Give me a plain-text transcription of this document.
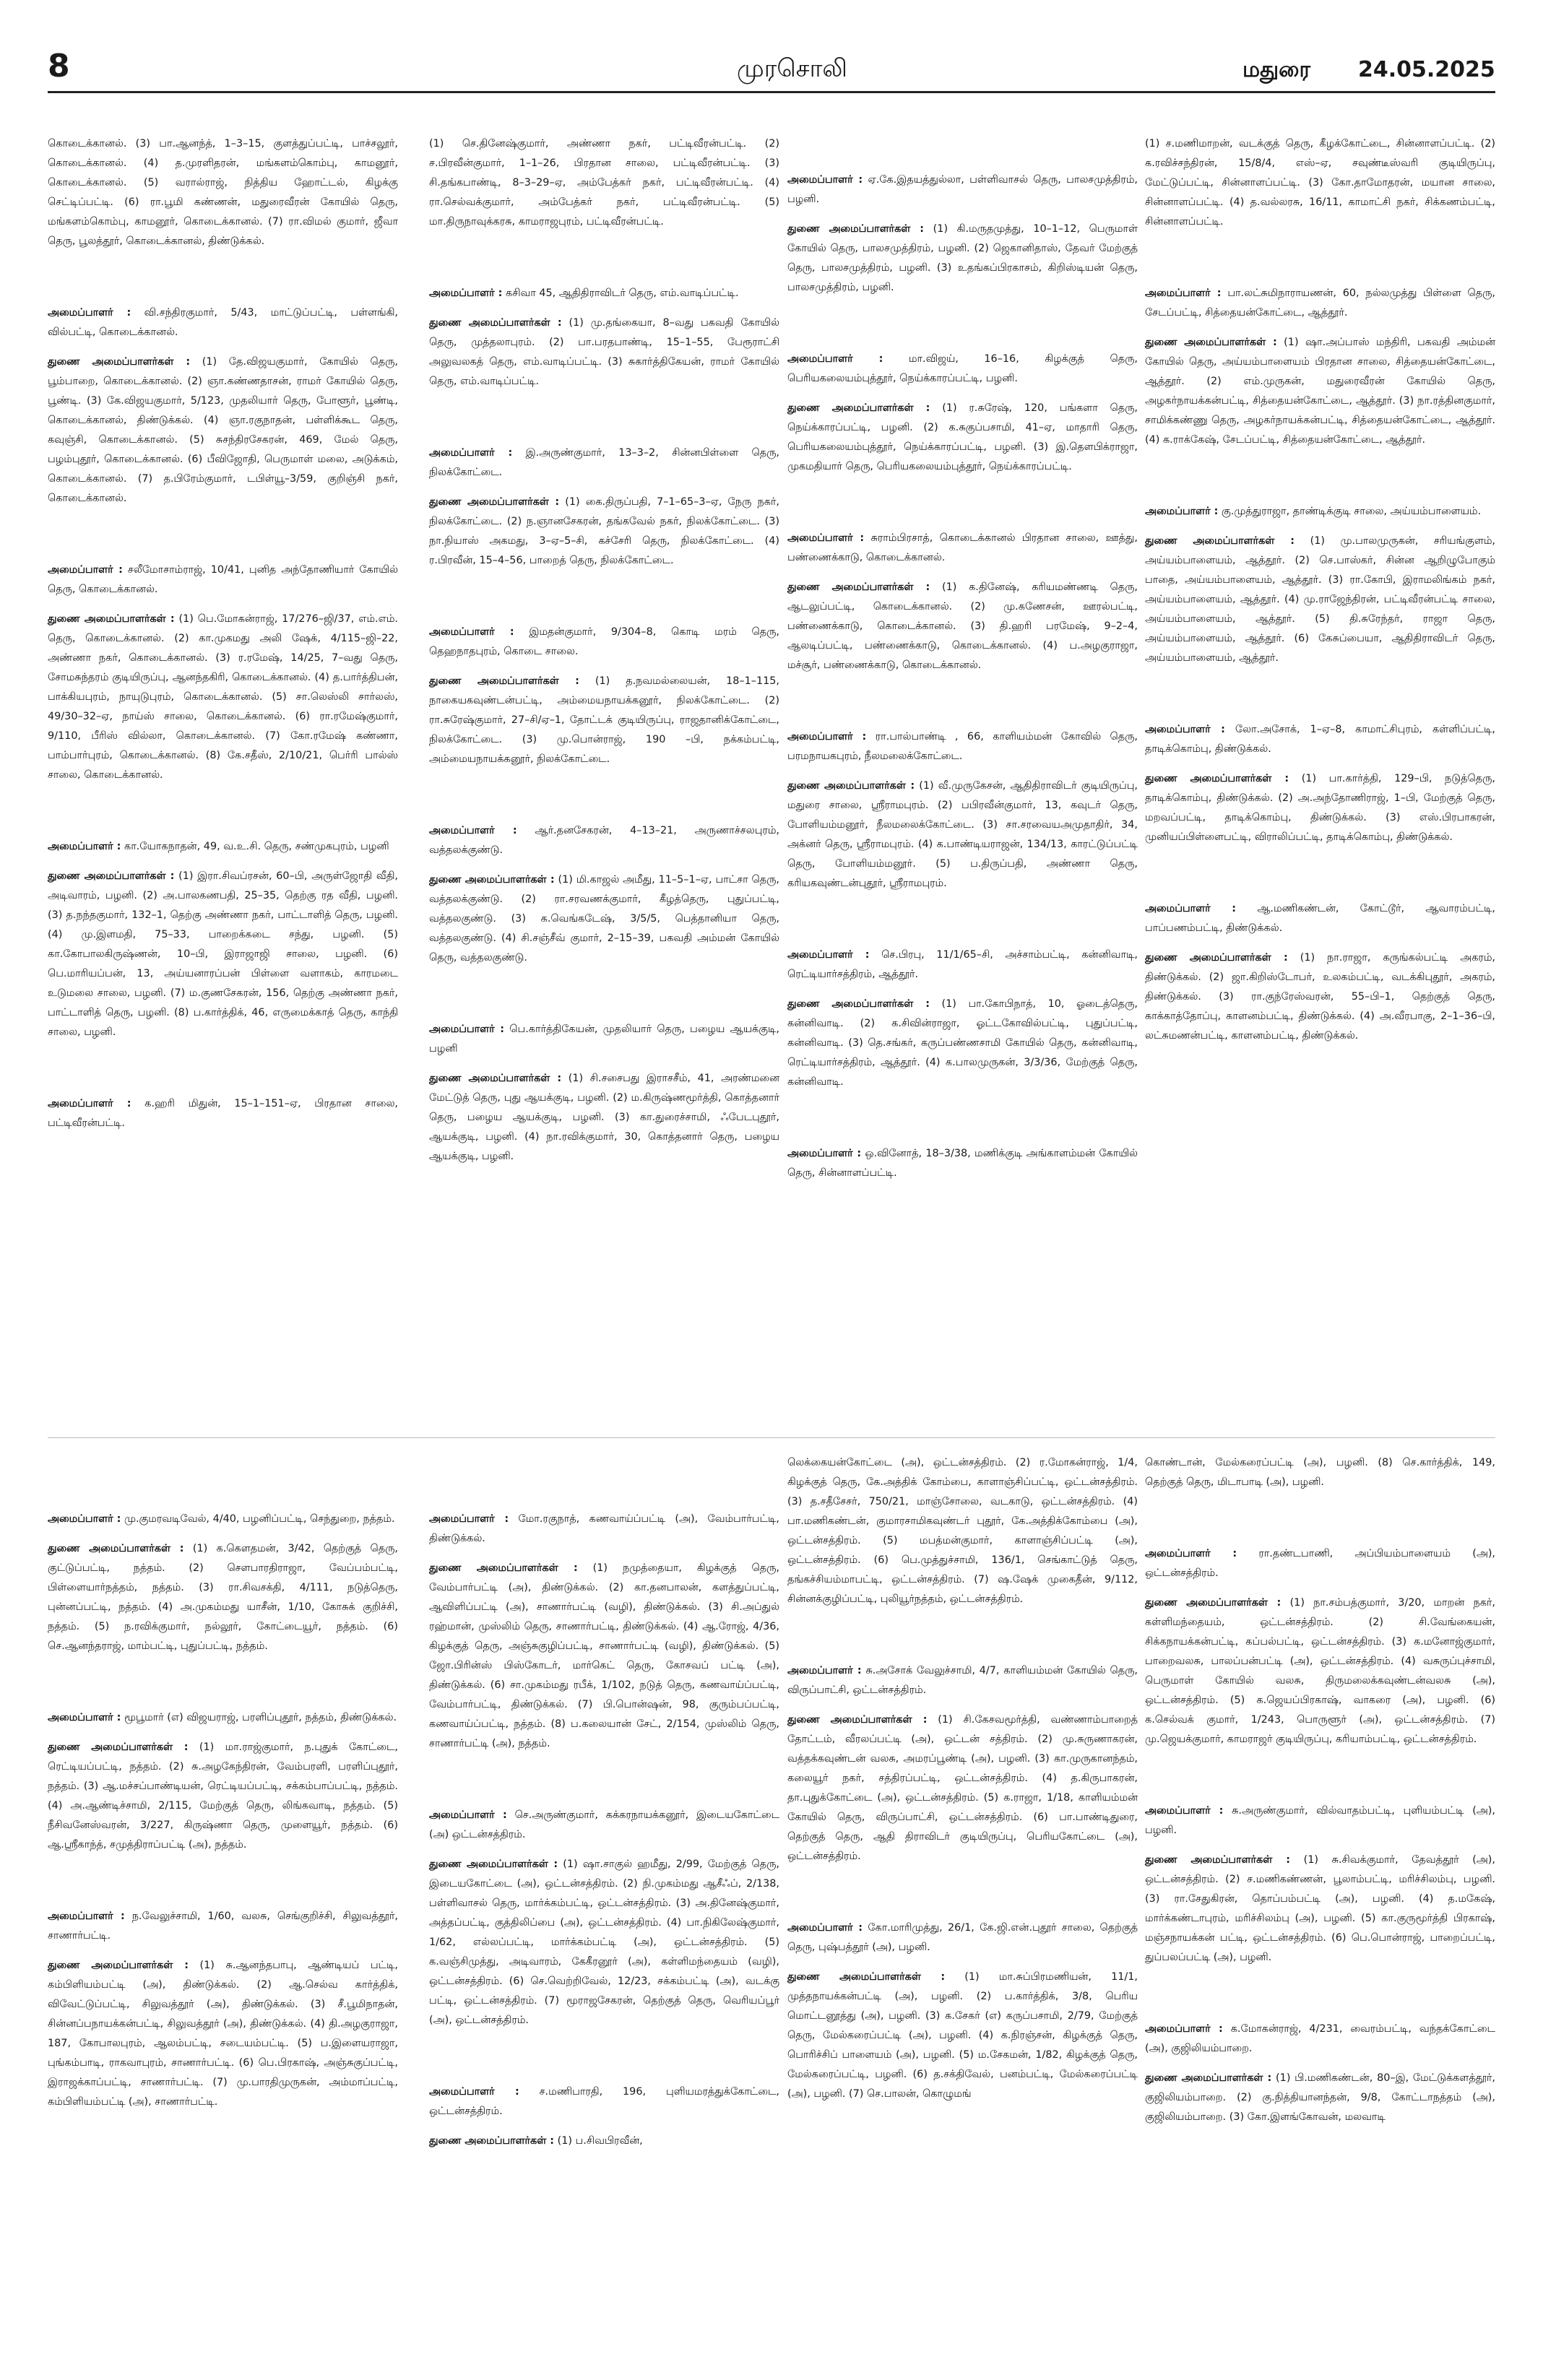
8	முரசொலி	மதுரை 24.05.2025

கொடைக்கானல். (3) பா.ஆனந்த், 1–3–15, குளத்துப்பட்டி, பாச்சலூர், கொடைக்கானல். (4) த.முரளிதரன், மங்களம்கொம்பு, காமனூர், கொடைக்கானல். (5) வரால்ராஜ், நித்திய ஹோட்டல், கிழக்கு செட்டிப்பட்டி. (6) ரா.பூமி கண்ணன், மதுரைவீரன் கோயில் தெரு, மங்களம்கொம்பு, காமனூர், கொடைக்கானல். (7) ரா.விமல் குமார், ஜீவா தெரு, பூலத்தூர், கொடைக்கானல், திண்டுக்கல்.

அமைப்பாளர் : வி.சந்திரகுமார், 5/43, மாட்டுப்பட்டி, பள்ளங்கி, வில்பட்டி, கொடைக்கானல்.

துணை அமைப்பாளர்கள் : (1) தே.விஜயகுமார், கோயில் தெரு, பூம்பாறை, கொடைக்கானல். (2) ஞா.கண்ணதாசன், ராமர் கோயில் தெரு, பூண்டி. (3) கே.விஜயகுமார், 5/123, முதலியார் தெரு, போளூர், பூண்டி, கொடைக்கானல், திண்டுக்கல். (4) ஞா.ரகுநாதன், பள்ளிக்கூட தெரு, கவுஞ்சி, கொடைக்கானல். (5) சுசந்திரசேகரன், 469, மேல் தெரு, பழம்புதூர், கொடைக்கானல். (6) பீவிஜோதி, பெருமாள் மலை, அடுக்கம், கொடைக்கானல். (7) த.பிரேம்குமார், டபிள்யூ–3/59, குறிஞ்சி நகர், கொடைக்கானல்.

அமைப்பாளர் : சலீமோசாம்ராஜ், 10/41, புனித அந்தோணியார் கோயில் தெரு, கொடைக்கானல்.

துணை அமைப்பாளர்கள் : (1) பெ.மோகன்ராஜ், 17/276–ஜி/37, எம்.எம். தெரு, கொடைக்கானல். (2) கா.முகமது அலி ஷேக், 4/115–ஜி–22, அண்ணா நகர், கொடைக்கானல். (3) ர.ரமேஷ், 14/25, 7–வது தெரு, சோமசுந்தரம் குடியிருப்பு, ஆனந்தகிரி, கொடைக்கானல். (4) த.பார்த்திபன், பாக்கியபுரம், நாயுடுபுரம், கொடைக்கானல். (5) சா.லெஸ்லி சார்லஸ், 49/30–32–ஏ, நாய்ஸ் சாலை, கொடைக்கானல். (6) ரா.ரமேஷ்குமார், 9/110, பீரிஸ் வில்லா, கொடைக்கானல். (7) கோ.ரமேஷ் கண்ணா, பாம்பார்புரம், கொடைக்கானல். (8) கே.சதீஸ், 2/10/21, பெர்ரி பால்ஸ் சாலை, கொடைக்கானல்.

அமைப்பாளர் : கா.யோகநாதன், 49, வ.உ.சி. தெரு, சண்முகபுரம், பழனி

துணை அமைப்பாளர்கள் : (1) இரா.சிவப்ரசன், 60–பி, அருள்ஜோதி வீதி, அடிவாரம், பழனி. (2) அ.பாலகணபதி, 25–35, தெற்கு ரத வீதி, பழனி. (3) த.நந்தகுமார், 132–1, தெற்கு அண்ணா நகர், பாட்டாளித் தெரு, பழனி. (4) மு.இளமதி, 75–33, பாறைக்கடை சந்து, பழனி. (5) கா.கோபாலகிருஷ்ணன், 10–பி, இராஜாஜி சாலை, பழனி. (6) பெ.மாரியப்பன், 13, அய்யனாரப்பன் பிள்ளை வளாகம், காரமடை உடுமலை சாலை, பழனி. (7) ம.குணசேகரன், 156, தெற்கு அண்ணா நகர், பாட்டாளித் தெரு, பழனி. (8) ப.கார்த்திக், 46, எருமைக்காத் தெரு, காந்தி சாலை, பழனி.

அமைப்பாளர் : க.ஹரி மிதுன், 15–1–151–ஏ, பிரதான சாலை, பட்டிவீரன்பட்டி.

(1) செ.தினேஷ்குமார், அண்ணா நகர், பட்டிவீரன்பட்டி. (2) ச.பிரவீன்குமார், 1–1–26, பிரதான சாலை, பட்டிவீரன்பட்டி. (3) சி.தங்கபாண்டி, 8–3–29–ஏ, அம்பேத்கர் நகர், பட்டிவீரன்பட்டி. (4) ரா.செல்வக்குமார், அம்பேத்கர் நகர், பட்டிவீரன்பட்டி. (5) மா.திருநாவுக்கரசு, காமராஜபுரம், பட்டிவீரன்பட்டி.

அமைப்பாளர் : கசிவா 45, ஆதிதிராவிடர் தெரு, எம்.வாடிப்பட்டி.

துணை அமைப்பாளர்கள் : (1) மு.தங்கையா, 8–வது பகவதி கோயில் தெரு, முத்தலாபுரம். (2) பா.பரதபாண்டி, 15–1–55, பேரூராட்சி அலுவலகத் தெரு, எம்.வாடிப்பட்டி. (3) சுகார்த்திகேயன், ராமர் கோயில் தெரு, எம்.வாடிப்பட்டி.

அமைப்பாளர் : இ.அருண்குமார், 13–3–2, சின்னபிள்ளை தெரு, நிலக்கோட்டை.

துணை அமைப்பாளர்கள் : (1) கை.திருப்பதி, 7–1–65–3–ஏ, நேரு நகர், நிலக்கோட்டை. (2) ந.ஞானசேகரன், தங்கவேல் நகர், நிலக்கோட்டை. (3) நா.நியாஸ் அகமது, 3–ஏ–5–சி, கச்சேரி தெரு, நிலக்கோட்டை. (4) ர.பிரவீன், 15–4–56, பாறைத் தெரு, நிலக்கோட்டை.

அமைப்பாளர் : இமதன்குமார், 9/304–8, கொடி மரம் தெரு, தெஹநாதபுரம், கொடை சாலை.

துணை அமைப்பாளர்கள் : (1) த.நவமல்லையன், 18–1–115, நாகையகவுண்டன்பட்டி, அம்மையநாயக்கனூர், நிலக்கோட்டை. (2) ரா.சுரேஷ்குமார், 27–சி/ஏ–1, தோட்டக் குடியிருப்பு, ராஜதானிக்கோட்டை, நிலக்கோட்டை. (3) மு.பொன்ராஜ், 190 –பி, நக்கம்பட்டி, அம்மையநாயக்கனூர், நிலக்கோட்டை.

அமைப்பாளர் : ஆர்.தனசேகரன், 4–13–21, அருணாச்சலபுரம், வத்தலக்குண்டு.

துணை அமைப்பாளர்கள் : (1) மி.காஜல் அமீது, 11–5–1–ஏ, பாட்சா தெரு, வத்தலக்குண்டு. (2) ரா.சரவணக்குமார், கீழத்தெரு, புதுப்பட்டி, வத்தலகுண்டு. (3) க.வெங்கடேஷ், 3/5/5, பெத்தானியா தெரு, வத்தலகுண்டு. (4) சி.சஞ்சீவ் குமார், 2–15–39, பகவதி அம்மன் கோயில் தெரு, வத்தலகுண்டு.

அமைப்பாளர் : பெ.கார்த்திகேயன், முதலியார் தெரு, பழைய ஆயக்குடி, பழனி

துணை அமைப்பாளர்கள் : (1) சி.சசைபது இராசசீம், 41, அரண்மனை மேட்டுத் தெரு, புது ஆயக்குடி, பழனி. (2) ம.கிருஷ்ணமூர்த்தி, கொத்தனார் தெரு, பழைய ஆயக்குடி, பழனி. (3) கா.துரைச்சாமி, ஃபேடபுதூர், ஆயக்குடி, பழனி. (4) நா.ரவிக்குமார், 30, கொத்தனார் தெரு, பழைய ஆயக்குடி, பழனி.

அமைப்பாளர் : ஏ.கே.இதயத்துல்லா, பள்ளிவாசல் தெரு, பாலசமுத்திரம், பழனி.

துணை அமைப்பாளர்கள் : (1) கி.மருதமுத்து, 10–1–12, பெருமாள் கோயில் தெரு, பாலசமுத்திரம், பழனி. (2) ஜெகானிதாஸ், தேவர் மேற்குத் தெரு, பாலசமுத்திரம், பழனி. (3) உதங்கப்பிரகாசம், கிறிஸ்டியன் தெரு, பாலசமுத்திரம், பழனி.

அமைப்பாளர் : மா.விஜய், 16–16, கிழக்குத் தெரு, பெரியகலையம்புத்தூர், நெய்க்காரப்பட்டி, பழனி.

துணை அமைப்பாளர்கள் : (1) ர.சுரேஷ், 120, பங்களா தெரு, நெய்க்காரப்பட்டி, பழனி. (2) க.சுகுப்பசாமி, 41–ஏ, மாதாரி தெரு, பெரியகலையம்புத்தூர், நெய்க்காரப்பட்டி, பழனி. (3) இ.தௌபிக்ராஜா, முகமதியார் தெரு, பெரியகலையம்புத்தூர், நெய்க்காரப்பட்டி.

அமைப்பாளர் : சுராம்பிரசாத், கொடைக்கானல் பிரதான சாலை, ஊத்து, பண்ணைக்காடு, கொடைக்கானல்.

துணை அமைப்பாளர்கள் : (1) க.தினேஷ், கரியமண்ணடி தெரு, ஆடலுப்பட்டி, கொடைக்கானல். (2) மு.கணேசன், ஊரல்பட்டி, பண்ணைக்காடு, கொடைக்கானல். (3) தி.ஹரி பரமேஷ், 9–2–4, ஆலடிப்பட்டி, பண்ணைக்காடு, கொடைக்கானல். (4) ப.அழகுராஜா, மச்சூர், பண்ணைக்காடு, கொடைக்கானல்.

அமைப்பாளர் : ரா.பால்பாண்டி , 66, காளியம்மன் கோவில் தெரு, பரமநாயகபுரம், நீலமலைக்கோட்டை.

துணை அமைப்பாளர்கள் : (1) வீ.முருகேசன், ஆதிதிராவிடர் குடியிருப்பு, மதுரை சாலை, ஸ்ரீராமபுரம். (2) பபிரவீன்குமார், 13, கவுடர் தெரு, போளியம்மனூர், நீலமலைக்கோட்டை. (3) சா.சரவையஅமுதாதிர், 34, அக்னர் தெரு, ஸ்ரீராமபுரம். (4) க.பாண்டியராஜன், 134/13, காரட்டுப்பட்டி தெரு, போளியம்மனூர். (5) ப.திருப்பதி, அண்ணா தெரு, கரியகவுண்டன்புதூர், ஸ்ரீராமபுரம்.

அமைப்பாளர் : செ.பிரபு, 11/1/65–சி, அச்சாம்பட்டி, கன்னிவாடி, ரெட்டியார்சத்திரம், ஆத்தூர்.

துணை அமைப்பாளர்கள் : (1) பா.கோபிநாத், 10, ஓடைத்தெரு, கன்னிவாடி. (2) க.சிவின்ராஜா, ஓட்டகோவில்பட்டி, புதுப்பட்டி, கன்னிவாடி. (3) தெ.சங்கர், கருப்பண்ணசாமி கோயில் தெரு, கன்னிவாடி, ரெட்டியார்சத்திரம், ஆத்தூர். (4) க.பாலமுருகன், 3/3/36, மேற்குத் தெரு, கன்னிவாடி.

அமைப்பாளர் : ஒ.வினோத், 18–3/38, மணிக்குடி அங்காளம்மன் கோயில் தெரு, சின்னாளப்பட்டி.

(1) ச.மணிமாறன், வடக்குத் தெரு, கீழக்கோட்டை, சின்னாளப்பட்டி. (2) க.ரவிச்சந்திரன், 15/8/4, எஸ்–ஏ, சவுண்டீஸ்வரி குடியிருப்பு, மேட்டுப்பட்டி, சின்னாளப்பட்டி. (3) கோ.தாமோதரன், மயான சாலை, சின்னாளப்பட்டி. (4) த.வல்லரசு, 16/11, காமாட்சி நகர், சிக்கணம்பட்டி, சின்னாளப்பட்டி.

அமைப்பாளர் : பா.லட்சுமிநாராயணன், 60, நல்லமுத்து பிள்ளை தெரு, சேடப்பட்டி, சித்தையன்கோட்டை, ஆத்தூர்.

துணை அமைப்பாளர்கள் : (1) ஷா.அப்பாஸ் மந்திரி, பகவதி அம்மன் கோயில் தெரு, அய்யம்பாளையம் பிரதான சாலை, சித்தையன்கோட்டை, ஆத்தூர். (2) எம்.முருகன், மதுரைவீரன் கோயில் தெரு, அழகர்நாயக்கன்பட்டி, சித்தையன்கோட்டை, ஆத்தூர். (3) நா.ரத்தினகுமார், சாமிக்கண்ணு தெரு, அழகர்நாயக்கன்பட்டி, சித்தையன்கோட்டை, ஆத்தூர். (4) க.ராக்கேஷ், சேடப்பட்டி, சித்தையன்கோட்டை, ஆத்தூர்.

அமைப்பாளர் : கு.முத்துராஜா, தாண்டிக்குடி சாலை, அய்யம்பாளையம்.

துணை அமைப்பாளர்கள் : (1) மு.பாலமுருகன், சரியங்குளம், அய்யம்பாளையம், ஆத்தூர். (2) செ.பாஸ்கர், சின்ன ஆறிழுபோகும் பாதை, அய்யம்பாளையம், ஆத்தூர். (3) ரா.கோபி, இராமலிங்கம் நகர், அய்யம்பாளையம், ஆத்தூர். (4) மு.ராஜேந்திரன், பட்டிவீரன்பட்டி சாலை, அய்யம்பாளையம், ஆத்தூர். (5) தி.சுரேந்தர், ராஜா தெரு, அய்யம்பாளையம், ஆத்தூர். (6) கேசுப்பையா, ஆதிதிராவிடர் தெரு, அய்யம்பாளையம், ஆத்தூர்.

அமைப்பாளர் : லோ.அசோக், 1–ஏ–8, காமாட்சிபுரம், கள்ளிப்பட்டி, தாடிக்கொம்பு, திண்டுக்கல்.

துணை அமைப்பாளர்கள் : (1) பா.கார்த்தி, 129–பி, நடுத்தெரு, தாடிக்கொம்பு, திண்டுக்கல். (2) அ.அந்தோணிராஜ், 1–பி, மேற்குத் தெரு, மறவப்பட்டி, தாடிக்கொம்பு, திண்டுக்கல். (3) எஸ்.பிரபாகரன், முனியப்பிள்ளைபட்டி, விராலிப்பட்டி, தாடிக்கொம்பு, திண்டுக்கல்.

அமைப்பாளர் : ஆ.மணிகண்டன், கோட்டூர், ஆவாரம்பட்டி, பாப்பணம்பட்டி, திண்டுக்கல்.

துணை அமைப்பாளர்கள் : (1) நா.ராஜா, கருங்கல்பட்டி அகரம், திண்டுக்கல். (2) ஜா.கிறிஸ்டோபர், உலகம்பட்டி, வடக்கிபுதூர், அகரம், திண்டுக்கல். (3) ரா.குந்ரேஸ்வரன், 55–பி–1, தெற்குத் தெரு, காக்காத்தோப்பு, காளனம்பட்டி, திண்டுக்கல். (4) அ.வீரபாகு, 2–1–36–பி, லட்சுமணன்பட்டி, காளனம்பட்டி, திண்டுக்கல்.

அமைப்பாளர் : மு.குமரவடிவேல், 4/40, பழனிப்பட்டி, செந்துறை, நத்தம்.

துணை அமைப்பாளர்கள் : (1) க.கௌதமன், 3/42, தெற்குத் தெரு, குட்டுப்பட்டி, நத்தம். (2) சௌபாரதிராஜா, வேப்பம்பட்டி, பிள்ளையார்நத்தம், நத்தம். (3) ரா.சிவசக்தி, 4/111, நடுத்தெரு, புன்னப்பட்டி, நத்தம். (4) அ.முகம்மது யாசீன், 1/10, கோசுக் குறிச்சி, நத்தம். (5) ந.ரவிக்குமார், நல்லூர், கோட்டையூர், நத்தம். (6) செ.ஆனந்தராஜ், மாம்பட்டி, புதுப்பட்டி, நத்தம்.

அமைப்பாளர் : மூபூமார் (எ) விஜயராஜ், பரளிப்புதூர், நத்தம், திண்டுக்கல்.

துணை அமைப்பாளர்கள் : (1) மா.ராஜ்குமார், ந.புதுக் கோட்டை, ரெட்டியப்பட்டி, நத்தம். (2) சு.அழகேந்திரன், வேம்பரளி, பரளிப்புதூர், நத்தம். (3) ஆ.மச்சப்பாண்டியன், ரெட்டியப்பட்டி, சக்கம்பாப்பட்டி, நத்தம். (4) அ.ஆண்டிச்சாமி, 2/115, மேற்குத் தெரு, லிங்கவாடி, நத்தம். (5) நீசிவனேஸ்வரன், 3/227, கிருஷ்ணா தெரு, முளையூர், நத்தம். (6) ஆ.ஸ்ரீகாந்த், சமுத்திராப்பட்டி (அ), நத்தம்.

அமைப்பாளர் : ந.வேலுச்சாமி, 1/60, வலசு, செங்குறிச்சி, சிலுவத்தூர், சாணார்பட்டி.

துணை அமைப்பாளர்கள் : (1) சு.ஆனந்தபாபு, ஆண்டியப் பட்டி, கம்பிளியம்பட்டி (அ), திண்டுக்கல். (2) ஆ.செல்வ கார்த்திக், விவேட்டுப்பட்டி, சிலுவத்தூர் (அ), திண்டுக்கல். (3) சீ.பூமிநாதன், சின்னப்பநாயக்கன்பட்டி, சிலுவத்தூர் (அ), திண்டுக்கல். (4) தி.அழகுராஜா, 187, கோபாலபுரம், ஆலம்பட்டி, சடையம்பட்டி. (5) ப.இளையராஜா, புங்கம்பாடி, ராகவாபுரம், சாணார்பட்டி. (6) பெ.பிரகாஷ், அஞ்சுகுப்பட்டி, இராஜக்காப்பட்டி, சாணார்பட்டி. (7) மு.பாரதிமுருகன், அம்மாப்பட்டி, கம்பிளியம்பட்டி (அ), சாணார்பட்டி.

அமைப்பாளர் : மோ.ரகுநாத், கணவாய்ப்பட்டி (அ), வேம்பார்பட்டி, திண்டுக்கல்.

துணை அமைப்பாளர்கள் : (1) நமுத்தையா, கிழக்குத் தெரு, வேம்பார்பட்டி (அ), திண்டுக்கல். (2) கா.தனபாலன், களத்துப்பட்டி, ஆவிளிப்பட்டி (அ), சாணார்பட்டி (வழி), திண்டுக்கல். (3) சி.அப்துல் ரஹ்மான், முஸ்லிம் தெரு, சாணார்பட்டி, திண்டுக்கல். (4) ஆ.ரோஜ், 4/36, கிழக்குத் தெரு, அஞ்சுகுழிப்பட்டி, சாணார்பட்டி (வழி), திண்டுக்கல். (5) ஜோ.பிரின்ஸ் பிஸ்கோடர், மார்கெட் தெரு, கோசவப் பட்டி (அ), திண்டுக்கல். (6) சா.முகம்மது ரபீக், 1/102, நடுத் தெரு, கணவாய்ப்பட்டி, வேம்பார்பட்டி, திண்டுக்கல். (7) பி.பொன்ஷன், 98, குரும்பப்பட்டி, கணவாய்ப்பட்டி, நத்தம். (8) ப.கலையான் சேட், 2/154, முஸ்லிம் தெரு, சாணார்பட்டி (அ), நத்தம்.

அமைப்பாளர் : செ.அருண்குமார், கக்கரநாயக்கனூர், இடையகோட்டை (அ) ஒட்டன்சத்திரம்.

துணை அமைப்பாளர்கள் : (1) ஷா.சாகுல் ஹமீது, 2/99, மேற்குத் தெரு, இடையகோட்டை (அ), ஒட்டன்சத்திரம். (2) நி.முகம்மது ஆசீஃப், 2/138, பள்ளிவாசல் தெரு, மார்க்கம்பட்டி, ஒட்டன்சத்திரம். (3) அ.தினேஷ்குமார், அத்தப்பட்டி, குத்திலிப்பை (அ), ஒட்டன்சத்திரம். (4) பா.நிகிலேஷ்குமார், 1/62, எல்லப்பட்டி, மார்க்கம்பட்டி (அ), ஒட்டன்சத்திரம். (5) க.வஞ்சிமுத்து, அடிவாரம், கேகீரனூர் (அ), கள்ளிமந்தையம் (வழி), ஒட்டன்சத்திரம். (6) செ.வெற்றிவேல், 12/23, சக்கம்பட்டி (அ), வடக்கு பட்டி, ஒட்டன்சத்திரம். (7) மூராஜசேகரன், தெற்குத் தெரு, வெரியப்பூர் (அ), ஒட்டன்சத்திரம்.

அமைப்பாளர் : ச.மணிபாரதி, 196, புளியமரத்துக்கோட்டை, ஒட்டன்சத்திரம்.

துணை அமைப்பாளர்கள் : (1) ப.சிவபிரவீன்,

லெக்கையன்கோட்டை (அ), ஒட்டன்சத்திரம். (2) ர.மோகன்ராஜ், 1/4, கிழக்குத் தெரு, கே.அத்திக் கோம்பை, காளாஞ்சிப்பட்டி, ஒட்டன்சத்திரம். (3) த.சதீசேசர், 750/21, மாஞ்சோலை, வடகாடு, ஒட்டன்சத்திரம். (4) பா.மணிகண்டன், குமாரசாமிகவுண்டர் புதூர், கே.அத்திக்கோம்பை (அ), ஒட்டன்சத்திரம். (5) மபத்மன்குமார், காளாஞ்சிப்பட்டி (அ), ஒட்டன்சத்திரம். (6) பெ.முத்துச்சாமி, 136/1, செங்காட்டுத் தெரு, தங்கச்சியம்மாபட்டி, ஒட்டன்சத்திரம். (7) ஷ.ஷேக் முகைதீன், 9/112, சின்னக்குழிப்பட்டி, புலியூர்நத்தம், ஒட்டன்சத்திரம்.

அமைப்பாளர் : சு.அசோக் வேலுச்சாமி, 4/7, காளியம்மன் கோயில் தெரு, விருப்பாட்சி, ஒட்டன்சத்திரம்.

துணை அமைப்பாளர்கள் : (1) சி.கேசவமூர்த்தி, வண்ணாம்பாறைத் தோட்டம், வீரலப்பட்டி (அ), ஒட்டன் சத்திரம். (2) மு.சுருணாகரன், வத்தக்கவுண்டன் வலசு, அமரப்பூண்டி (அ), பழனி. (3) கா.முருகானந்தம், கலையூர் நகர், சத்திரப்பட்டி, ஒட்டன்சத்திரம். (4) த.கிருபாகரன், தா.புதுக்கோட்டை (அ), ஒட்டன்சத்திரம். (5) க.ராஜா, 1/18, காளியம்மன் கோயில் தெரு, விருப்பாட்சி, ஒட்டன்சத்திரம். (6) பா.பாண்டிதுரை, தெற்குத் தெரு, ஆதி திராவிடர் குடியிருப்பு, பெரியகோட்டை (அ), ஒட்டன்சத்திரம்.

அமைப்பாளர் : கோ.மாரிமுத்து, 26/1, கே.ஜி.என்.புதூர் சாலை, தெற்குத் தெரு, புஷ்பத்தூர் (அ), பழனி.

துணை அமைப்பாளர்கள் : (1) மா.சுப்பிரமணியன், 11/1, முத்தநாயக்கன்பட்டி (அ), பழனி. (2) ப.கார்த்திக், 3/8, பெரிய மொட்டனூத்து (அ), பழனி. (3) க.சேகர் (எ) கருப்பசாமி, 2/79, மேற்குத் தெரு, மேல்கரைப்பட்டி (அ), பழனி. (4) க.நிரஞ்சன், கிழக்குத் தெரு, பொரிச்சிப் பாளையம் (அ), பழனி. (5) ம.சேகமன், 1/82, கிழக்குத் தெரு, மேல்கரைப்பட்டி, பழனி. (6) த.சக்திவேல், பனம்பட்டி, மேல்கரைப்பட்டி (அ), பழனி. (7) செ.பாலன், கொழுமங்

கொண்டான், மேல்கரைப்பட்டி (அ), பழனி. (8) செ.கார்த்திக், 149, தெற்குத் தெரு, மிடாபாடி (அ), பழனி.

அமைப்பாளர் : ரா.தண்டபாணி, அப்பியம்பாளையம் (அ), ஒட்டன்சத்திரம்.

துணை அமைப்பாளர்கள் : (1) நா.சம்பத்குமார், 3/20, மாறன் நகர், கள்ளிமந்தையம், ஒட்டன்சத்திரம். (2) சி.வேங்கையன், சிக்கநாயக்கன்பட்டி, கப்பல்பட்டி, ஒட்டன்சத்திரம். (3) க.மனோஜ்குமார், பாறைவலசு, பாலப்பன்பட்டி (அ), ஒட்டன்சத்திரம். (4) வசுருப்புச்சாமி, பெருமாள் கோயில் வலசு, திருமலைக்கவுண்டன்வலசு (அ), ஒட்டன்சத்திரம். (5) க.ஜெயப்பிரகாஷ், வாகரை (அ), பழனி. (6) க.செல்வக் குமார், 1/243, பொருளூர் (அ), ஒட்டன்சத்திரம். (7) மு.ஜெயக்குமார், காமராஜர் குடியிருப்பு, கரியாம்பட்டி, ஒட்டன்சத்திரம்.

அமைப்பாளர் : சு.அருண்குமார், வில்வாதம்பட்டி, புளியம்பட்டி (அ), பழனி.

துணை அமைப்பாளர்கள் : (1) சு.சிவக்குமார், தேவத்தூர் (அ), ஒட்டன்சத்திரம். (2) ச.மணிகண்ணன், பூலாம்பட்டி, மரிச்சிலம்பு, பழனி. (3) ரா.சேதுகிரன், தொப்பம்பட்டி (அ), பழனி. (4) த.மகேஷ், மார்க்கண்டாபுரம், மரிச்சிலம்பு (அ), பழனி. (5) கா.குருமூர்த்தி பிரகாஷ், மஞ்சநாயக்கன் பட்டி, ஒட்டன்சத்திரம். (6) பெ.பொன்ராஜ், பாறைப்பட்டி, துப்பலப்பட்டி (அ), பழனி.

அமைப்பாளர் : க.மோகன்ராஜ், 4/231, வைரம்பட்டி, வந்தக்கோட்டை (அ), குஜிலியம்பாறை.

துணை அமைப்பாளர்கள் : (1) பி.மணிகண்டன், 80–இ, மேட்டுக்களத்தூர், குஜிலியம்பாறை. (2) கு.நித்தியானந்தன், 9/8, கோட்டாநத்தம் (அ), குஜிலியம்பாறை. (3) கோ.இளங்கோவன், மலவாடி
